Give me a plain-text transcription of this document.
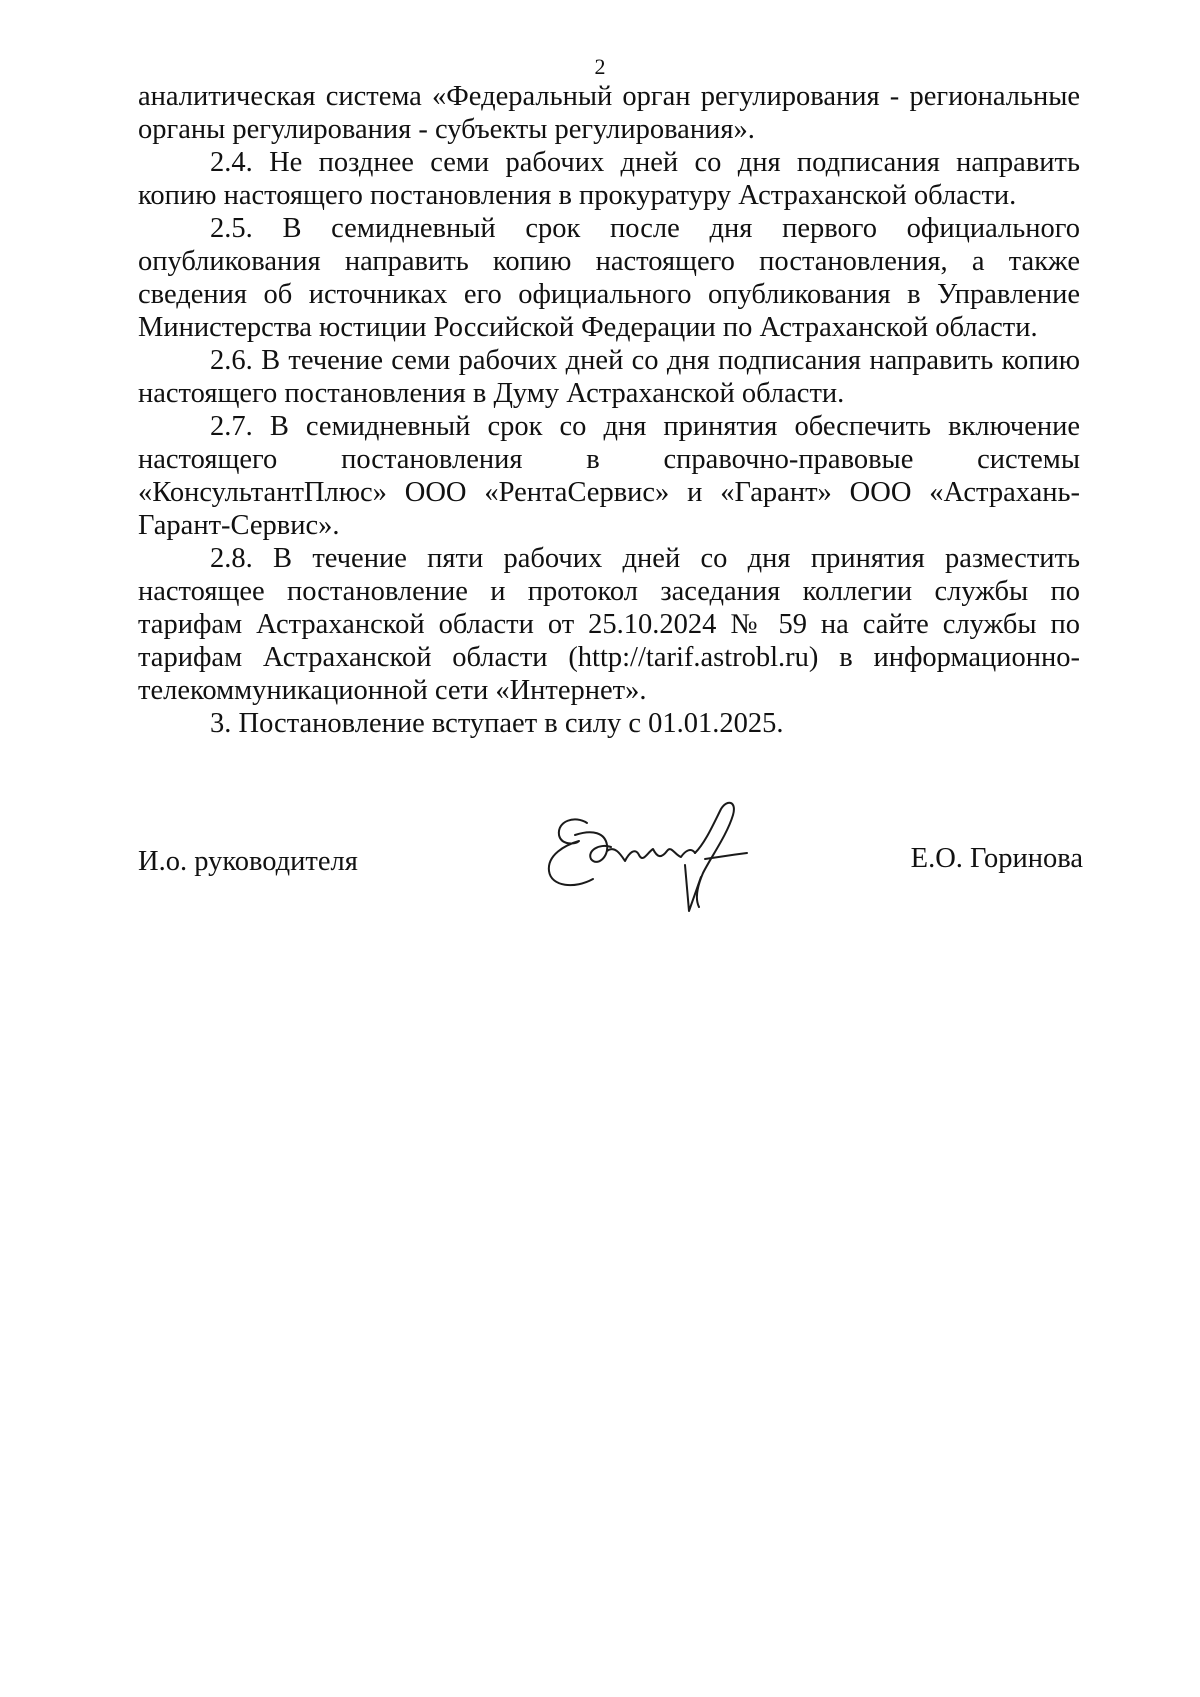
2

аналитическая система «Федеральный орган регулирования - региональные органы регулирования - субъекты регулирования».

2.4. Не позднее семи рабочих дней со дня подписания направить копию настоящего постановления в прокуратуру Астраханской области.

2.5. В семидневный срок после дня первого официального опубликования направить копию настоящего постановления, а также сведения об источниках его официального опубликования в Управление Министерства юстиции Российской Федерации по Астраханской области.

2.6. В течение семи рабочих дней со дня подписания направить копию настоящего постановления в Думу Астраханской области.

2.7. В семидневный срок со дня принятия обеспечить включение настоящего постановления в справочно-правовые системы «КонсультантПлюс» ООО «РентаСервис» и «Гарант» ООО «Астрахань-Гарант-Сервис».

2.8. В течение пяти рабочих дней со дня принятия разместить настоящее постановление и протокол заседания коллегии службы по тарифам Астраханской области от 25.10.2024 № 59 на сайте службы по тарифам Астраханской области (http://tarif.astrobl.ru) в информационно-телекоммуникационной сети «Интернет».

3. Постановление вступает в силу с 01.01.2025.

И.о. руководителя	Е.О. Горинова
